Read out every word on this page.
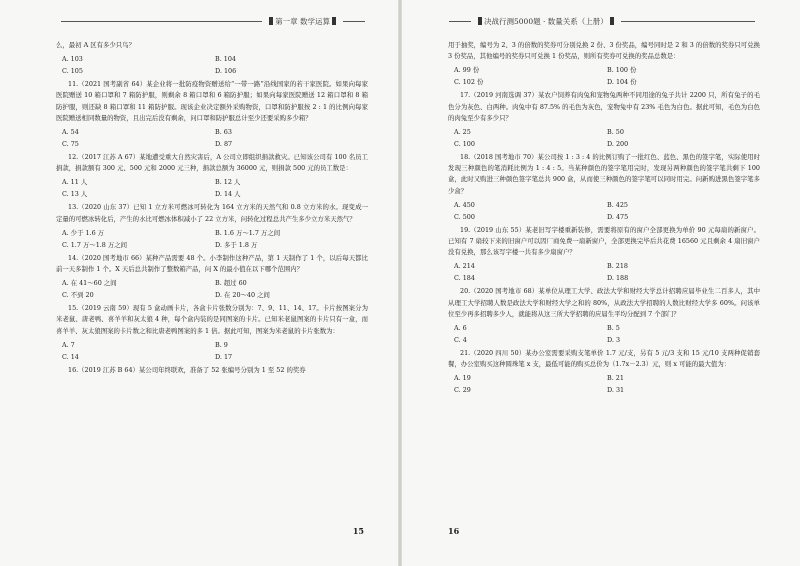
第一章
数学运算

么，最初 A 区有多少只鸟？

A. 103	B. 104
C. 105	D. 106

11.（2021 国考副省 64）某企业将一批防疫物资赠送给“一带一路”沿线国家的若干家医院。如果向每家医院赠送 10 箱口罩和 7 箱防护服，则剩余 8 箱口罩和 6 箱防护服；如果向每家医院赠送 12 箱口罩和 8 箱防护服，则还缺 8 箱口罩和 11 箱防护服。现该企业决定额外采购物资，口罩和防护服按 2 : 1 的比例向每家医院赠送相同数量的物资，且出完后没有剩余，问口罩和防护服总计至少还要采购多少箱？

A. 54	B. 63
C. 75	D. 87

12.（2017 江苏 A 67）某地遭受重大自然灾害后，A 公司立即组织捐款救灾。已知该公司有 100 名员工捐款，捐款额有 300 元、500 元和 2000 元三种，捐款总额为 36000 元，则捐款 500 元的员工数是：

A. 11 人	B. 12 人
C. 13 人	D. 14 人

13.（2020 山东 37）已知 1 立方米可燃冰可转化为 164 立方米的天然气和 0.8 立方米的水。现变成一定量的可燃冰转化后，产生的水比可燃冰体积减小了 22 立方米，问转化过程总共产生多少立方米天然气？

A. 少于 1.6 万	B. 1.6 万～1.7 万之间
C. 1.7 万～1.8 万之间	D. 多于 1.8 万

14.（2020 国考地市 66）某种产品需要 48 个。小李制作这种产品，第 1 天制作了 1 个，以后每天都比前一天多制作 1 个。X 天后总共制作了整数箱产品，问 X 的最小值在以下哪个范围内？

A. 在 41～60 之间	B. 超过 60
C. 不到 20	D. 在 20～40 之间

15.（2019 云南 59）现有 5 盒动画卡片，各盒卡片张数分别为：7、9、11、14、17。卡片按图案分为米老鼠、唐老鸭、喜羊羊和灰太狼 4 种，每个盒内装的是同图案的卡片。已知米老鼠图案的卡片只有一盒，而喜羊羊、灰太狼图案的卡片数之和比唐老鸭图案的多 1 倍。据此可知，图案为米老鼠的卡片张数为：

A. 7	B. 9
C. 14	D. 17

16.（2019 江苏 B 64）某公司年终联欢，准备了 52 张编号分别为 1 至 52 的奖券

15
决战行测5000题 · 数量关系（上册）

用于抽奖，编号为 2、3 的倍数的奖券可分别兑换 2 份、3 份奖品，编号同时是 2 和 3 的倍数的奖券只可兑换 3 份奖品，其他编号的奖券只可兑换 1 份奖品，则所有奖券可兑换的奖品总数是：

A. 99 份	B. 100 份
C. 102 份	D. 104 份

17.（2019 河南选调 37）某农户饲养有肉兔和宠物兔两种不同用途的兔子共计 2200 只，所有兔子的毛色分为灰色、白两种。肉兔中有 87.5% 的毛色为灰色，宠物兔中有 23% 毛色为白色。据此可知，毛色为白色的肉兔至少有多少只？

A. 25	B. 50
C. 100	D. 200

18.（2018 国考地市 70）某公司按 1 : 3 : 4 的比例订购了一批红色、蓝色、黑色的签字笔，实际使用时发现三种颜色的笔消耗比例为 1 : 4 : 5。当某种颜色的签字笔用完时，发现另两种颜色的签字笔共剩下 100 盒，此时又购进三种颜色签字笔总共 900 盒，从而使三种颜色的签字笔可以同时用完。问新购进黑色签字笔多少盒？

A. 450	B. 425
C. 500	D. 475

19.（2019 山东 55）某老旧写字楼重新装修，需要将原有的窗户全部更换为单价 90 元每扇的新窗户。已知有 7 扇较下来的旧窗户可以因厂商免费一扇新窗户，全部更换完毕后共花费 16560 元且剩余 4 扇旧窗户没有兑换，那么该写字楼一共有多少扇窗户？

A. 214	B. 218
C. 184	D. 188

20.（2020 国考地市 68）某单位从理工大学、政法大学和财经大学总计招聘应届毕业生二百多人，其中从理工大学招聘人数是政法大学和财经大学之和的 80%，从政法大学招聘的人数比财经大学多 60%。问该单位至少再多招聘多少人，就能将从这三所大学招聘的应届生平均分配到 7 个部门？

A. 6	B. 5
C. 4	D. 3

21.（2020 四川 50）某办公室需要采购支笔单价 1.7 元/支，另有 5 元/3 支和 15 元/10 支两种促销套餐，办公室购买这种圆珠笔 x 支，最低可能的购买总价为（1.7x－2.3）元，则 x 可能的最大值为：

A. 19	B. 21
C. 29	D. 31
16
